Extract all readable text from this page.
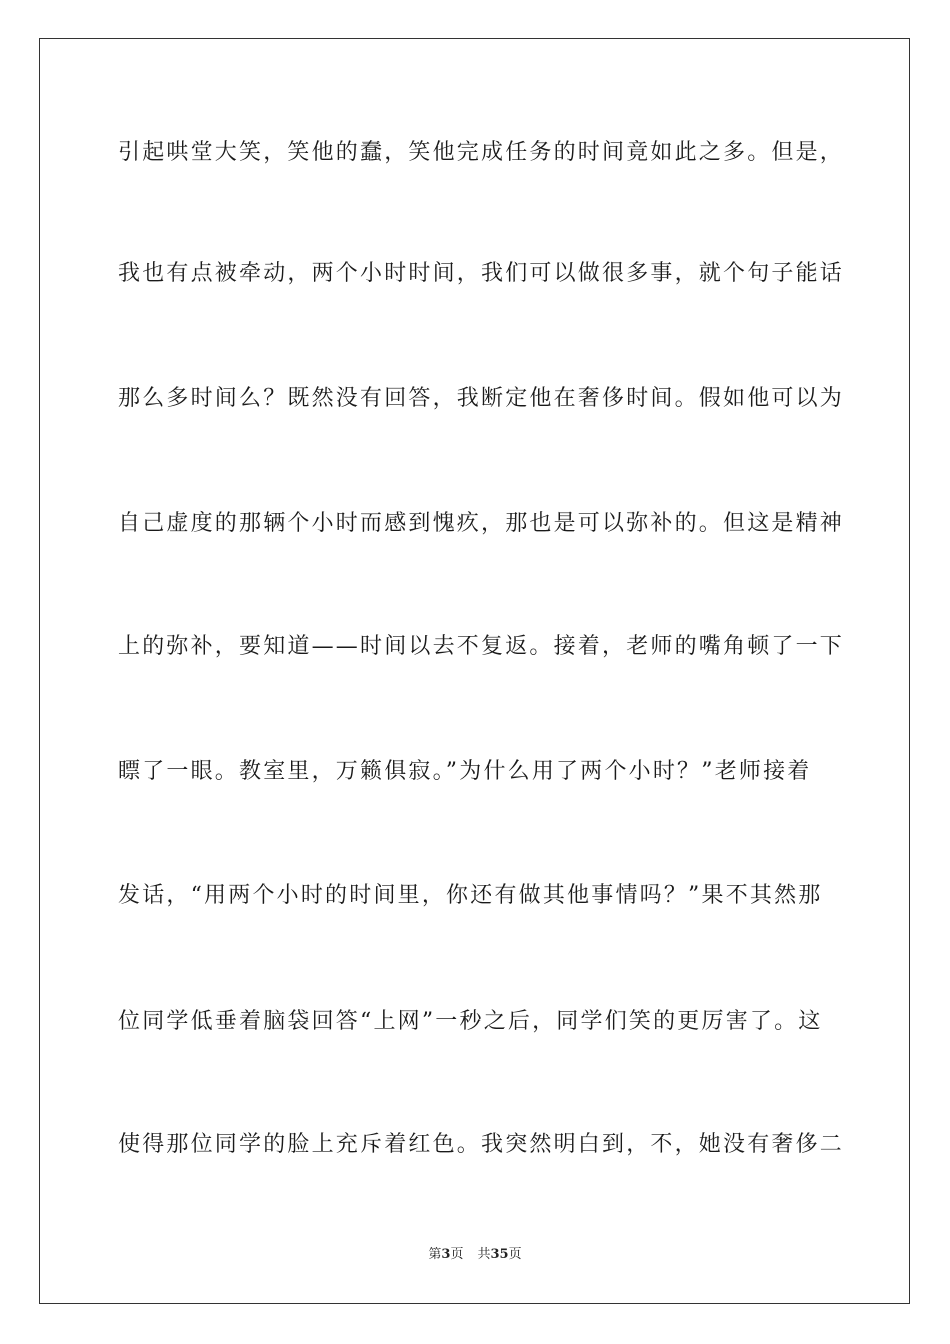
引起哄堂大笑，笑他的蠢，笑他完成任务的时间竟如此之多。但是，
我也有点被牵动，两个小时时间，我们可以做很多事，就个句子能话
那么多时间么？既然没有回答，我断定他在奢侈时间。假如他可以为
自己虚度的那辆个小时而感到愧疚，那也是可以弥补的。但这是精神
上的弥补，要知道——时间以去不复返。接着，老师的嘴角顿了一下
瞟了一眼。教室里，万籁俱寂。”为什么用了两个小时？”老师接着
发话，“用两个小时的时间里，你还有做其他事情吗？”果不其然那
位同学低垂着脑袋回答“上网”一秒之后，同学们笑的更厉害了。这
使得那位同学的脸上充斥着红色。我突然明白到，不，她没有奢侈二
第3页 共35页
